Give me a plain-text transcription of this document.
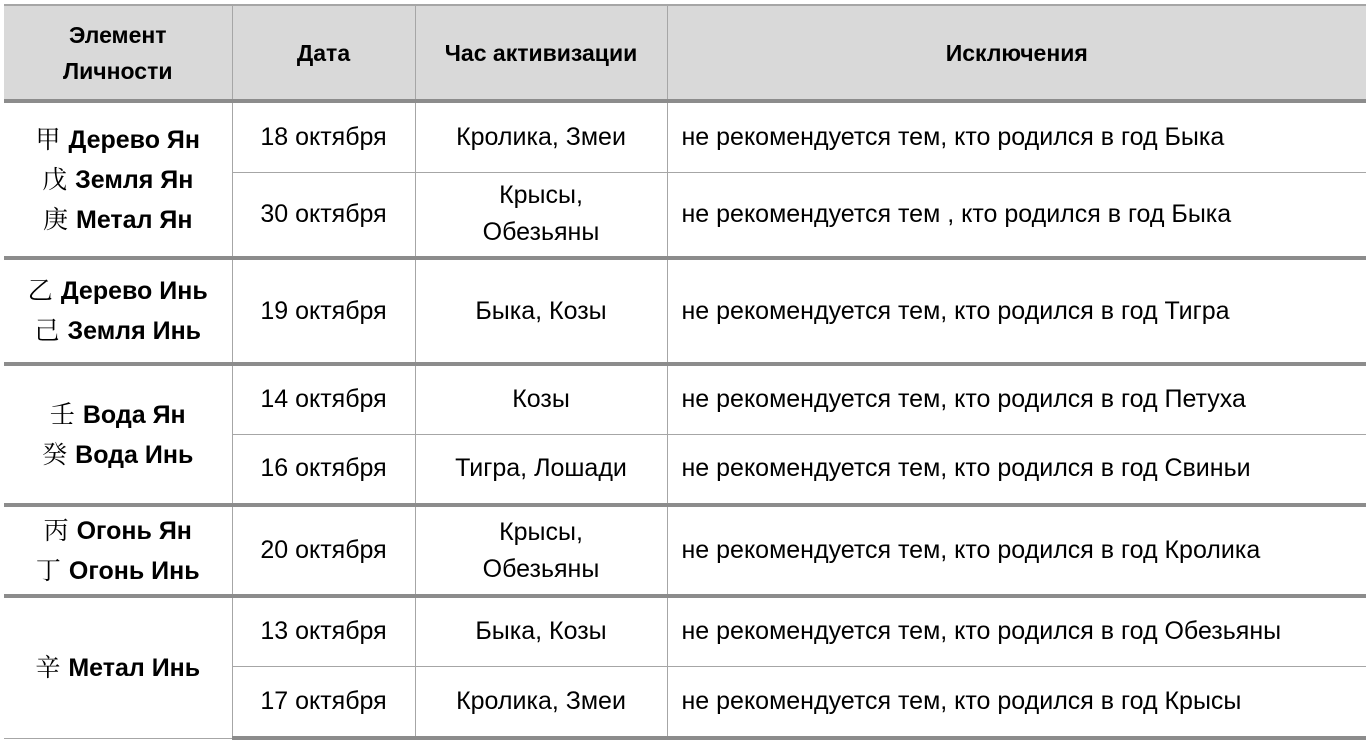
Элемент
Личности	Дата	Час активизации	Исключения

甲 Дерево Ян
戊 Земля Ян
庚 Метал Ян	18 октября	Кролика, Змеи	не рекомендуется тем, кто родился в год Быка
	30 октября	Крысы, Обезьяны	не рекомендуется тем , кто родился в год Быка

乙 Дерево Инь
己 Земля Инь	19 октября	Быка, Козы	не рекомендуется тем, кто родился в год Тигра

壬 Вода Ян
癸 Вода Инь	14 октября	Козы	не рекомендуется тем, кто родился в год Петуха
	16 октября	Тигра, Лошади	не рекомендуется тем, кто родился в год Свиньи

丙 Огонь Ян
丁 Огонь Инь	20 октября	Крысы, Обезьяны	не рекомендуется тем, кто родился в год Кролика

辛 Метал Инь	13 октября	Быка, Козы	не рекомендуется тем, кто родился в год Обезьяны
	17 октября	Кролика, Змеи	не рекомендуется тем, кто родился в год Крысы
